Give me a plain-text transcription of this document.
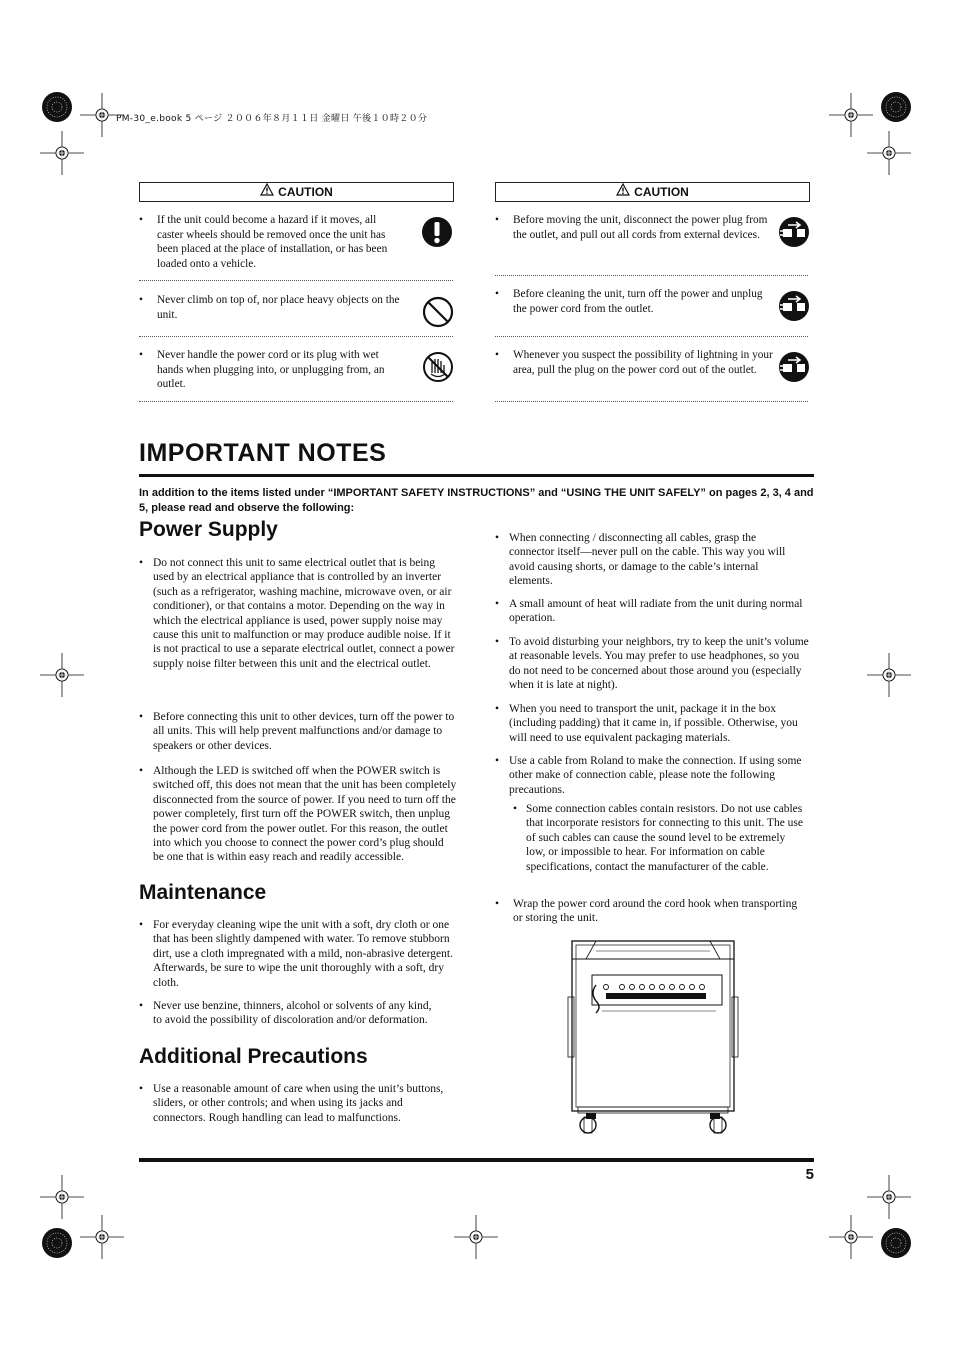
PM-30_e.book 5 ページ ２００６年８月１１日 金曜日 午後１０時２０分
CAUTION
• If the unit could become a hazard if it moves, all caster wheels should be removed once the unit has been placed at the place of installation, or has been loaded onto a vehicle.
• Never climb on top of, nor place heavy objects on the unit.
• Never handle the power cord or its plug with wet hands when plugging into, or unplugging from, an outlet.
CAUTION
• Before moving the unit, disconnect the power plug from the outlet, and pull out all cords from external devices.
• Before cleaning the unit, turn off the power and unplug the power cord from the outlet.
• Whenever you suspect the possibility of lightning in your area, pull the plug on the power cord out of the outlet.
IMPORTANT NOTES
In addition to the items listed under “IMPORTANT SAFETY INSTRUCTIONS” and “USING THE UNIT SAFELY” on pages 2, 3, 4 and 5, please read and observe the following:
Power Supply
• Do not connect this unit to same electrical outlet that is being used by an electrical appliance that is controlled by an inverter (such as a refrigerator, washing machine, microwave oven, or air conditioner), or that contains a motor. Depending on the way in which the electrical appliance is used, power supply noise may cause this unit to malfunction or may produce audible noise. If it is not practical to use a separate electrical outlet, connect a power supply noise filter between this unit and the electrical outlet.
• Before connecting this unit to other devices, turn off the power to all units. This will help prevent malfunctions and/or damage to speakers or other devices.
• Although the LED is switched off when the POWER switch is switched off, this does not mean that the unit has been completely disconnected from the source of power. If you need to turn off the power completely, first turn off the POWER switch, then unplug the power cord from the power outlet. For this reason, the outlet into which you choose to connect the power cord’s plug should be one that is within easy reach and readily accessible.
Maintenance
• For everyday cleaning wipe the unit with a soft, dry cloth or one that has been slightly dampened with water. To remove stubborn dirt, use a cloth impregnated with a mild, non-abrasive detergent. Afterwards, be sure to wipe the unit thoroughly with a soft, dry cloth.
• Never use benzine, thinners, alcohol or solvents of any kind, to avoid the possibility of discoloration and/or deformation.
Additional Precautions
• Use a reasonable amount of care when using the unit’s buttons, sliders, or other controls; and when using its jacks and connectors. Rough handling can lead to malfunctions.
• When connecting / disconnecting all cables, grasp the connector itself—never pull on the cable. This way you will avoid causing shorts, or damage to the cable’s internal elements.
• A small amount of heat will radiate from the unit during normal operation.
• To avoid disturbing your neighbors, try to keep the unit’s volume at reasonable levels. You may prefer to use headphones, so you do not need to be concerned about those around you (especially when it is late at night).
• When you need to transport the unit, package it in the box (including padding) that it came in, if possible. Otherwise, you will need to use equivalent packaging materials.
• Use a cable from Roland to make the connection. If using some other make of connection cable, please note the following precautions.
• Some connection cables contain resistors. Do not use cables that incorporate resistors for connecting to this unit. The use of such cables can cause the sound level to be extremely low, or impossible to hear. For information on cable specifications, contact the manufacturer of the cable.
• Wrap the power cord around the cord hook when transporting or storing the unit.
5
